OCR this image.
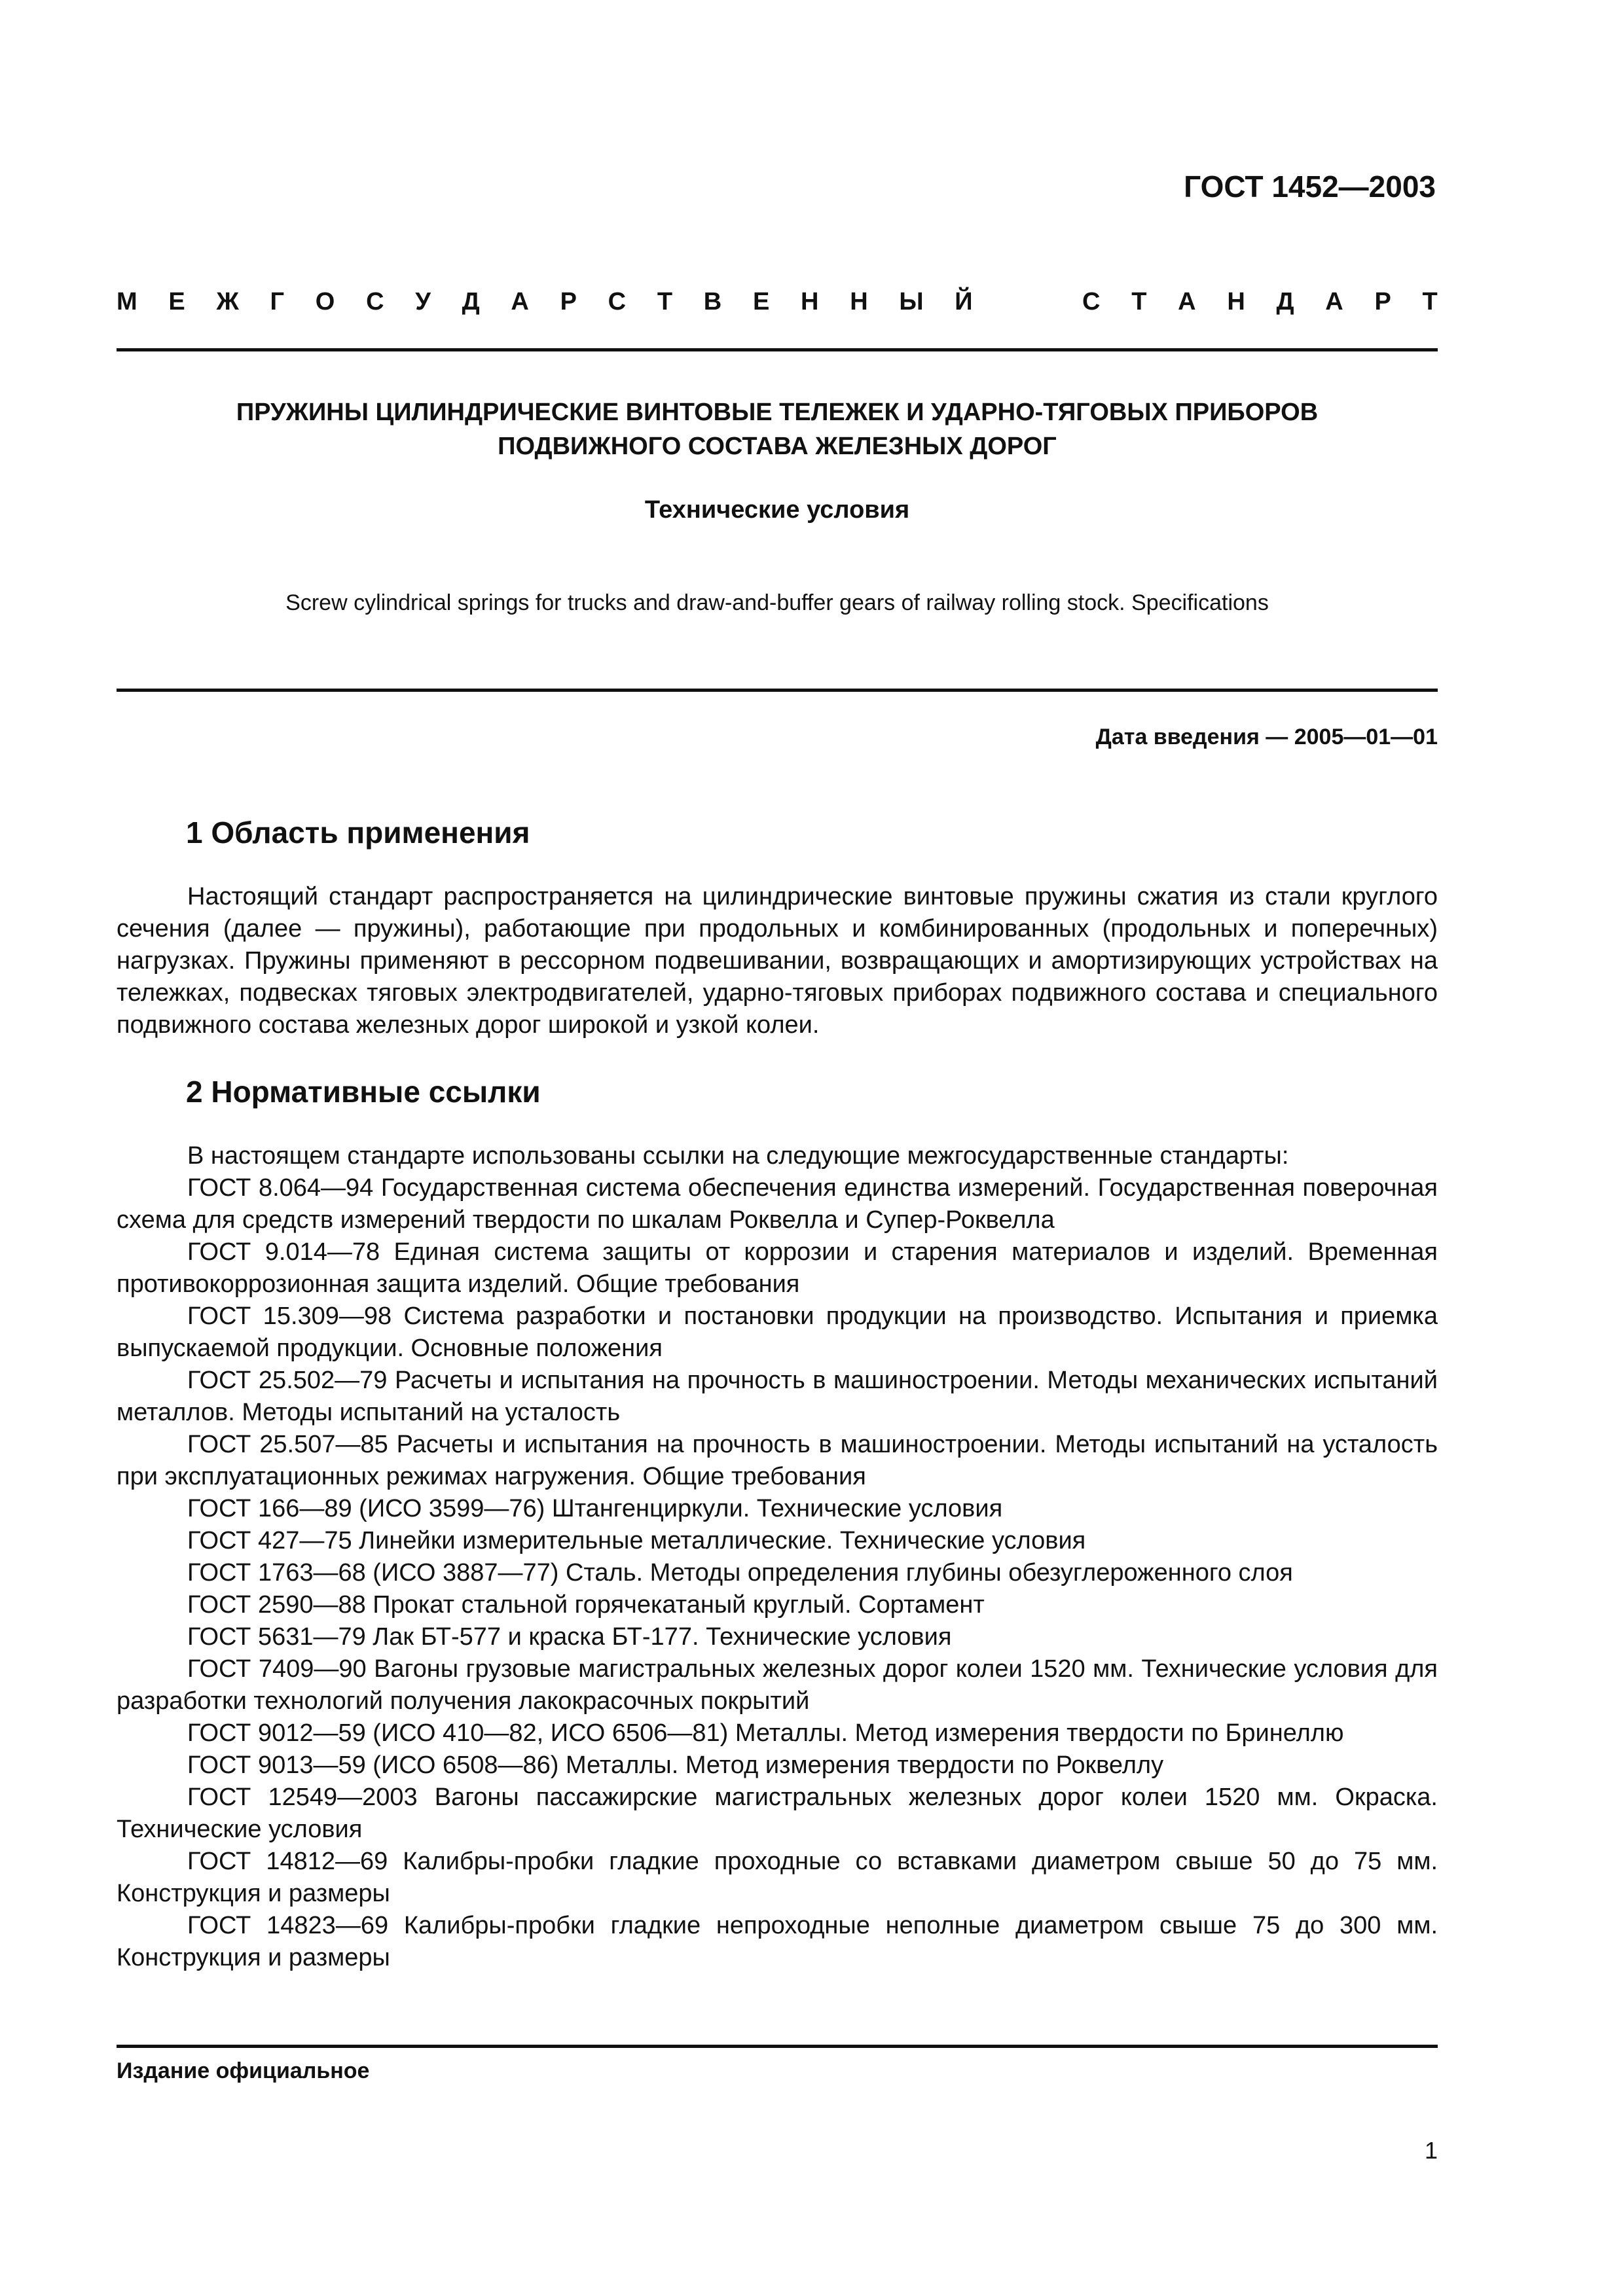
ГОСТ 1452—2003
М Е Ж Г О С У Д А Р С Т В Е Н Н Ы Й	С Т А Н Д А Р Т
ПРУЖИНЫ ЦИЛИНДРИЧЕСКИЕ ВИНТОВЫЕ ТЕЛЕЖЕК И УДАРНО-ТЯГОВЫХ ПРИБОРОВ
ПОДВИЖНОГО СОСТАВА ЖЕЛЕЗНЫХ ДОРОГ
Технические условия
Screw cylindrical springs for trucks and draw-and-buffer gears of railway rolling stock. Specifications
Дата введения — 2005—01—01
1 Область применения

Настоящий стандарт распространяется на цилиндрические винтовые пружины сжатия из стали круглого сечения (далее — пружины), работающие при продольных и комбинированных (продольных и поперечных) нагрузках. Пружины применяют в рессорном подвешивании, возвращающих и амортизирующих устройствах на тележках, подвесках тяговых электродвигателей, ударно-тяговых приборах подвижного состава и специального подвижного состава железных дорог широкой и узкой колеи.

2 Нормативные ссылки

В настоящем стандарте использованы ссылки на следующие межгосударственные стандарты:

ГОСТ 8.064—94 Государственная система обеспечения единства измерений. Государственная поверочная схема для средств измерений твердости по шкалам Роквелла и Супер-Роквелла

ГОСТ 9.014—78 Единая система защиты от коррозии и старения материалов и изделий. Временная противокоррозионная защита изделий. Общие требования

ГОСТ 15.309—98 Система разработки и постановки продукции на производство. Испытания и приемка выпускаемой продукции. Основные положения

ГОСТ 25.502—79 Расчеты и испытания на прочность в машиностроении. Методы механических испытаний металлов. Методы испытаний на усталость

ГОСТ 25.507—85 Расчеты и испытания на прочность в машиностроении. Методы испытаний на усталость при эксплуатационных режимах нагружения. Общие требования

ГОСТ 166—89 (ИСО 3599—76) Штангенциркули. Технические условия

ГОСТ 427—75 Линейки измерительные металлические. Технические условия

ГОСТ 1763—68 (ИСО 3887—77) Сталь. Методы определения глубины обезуглероженного слоя

ГОСТ 2590—88 Прокат стальной горячекатаный круглый. Сортамент

ГОСТ 5631—79 Лак БТ-577 и краска БТ-177. Технические условия

ГОСТ 7409—90 Вагоны грузовые магистральных железных дорог колеи 1520 мм. Технические условия для разработки технологий получения лакокрасочных покрытий

ГОСТ 9012—59 (ИСО 410—82, ИСО 6506—81) Металлы. Метод измерения твердости по Бринеллю

ГОСТ 9013—59 (ИСО 6508—86) Металлы. Метод измерения твердости по Роквеллу

ГОСТ 12549—2003 Вагоны пассажирские магистральных железных дорог колеи 1520 мм. Окраска. Технические условия

ГОСТ 14812—69 Калибры-пробки гладкие проходные со вставками диаметром свыше 50 до 75 мм. Конструкция и размеры

ГОСТ 14823—69 Калибры-пробки гладкие непроходные неполные диаметром свыше 75 до 300 мм. Конструкция и размеры

Издание официальное
1
